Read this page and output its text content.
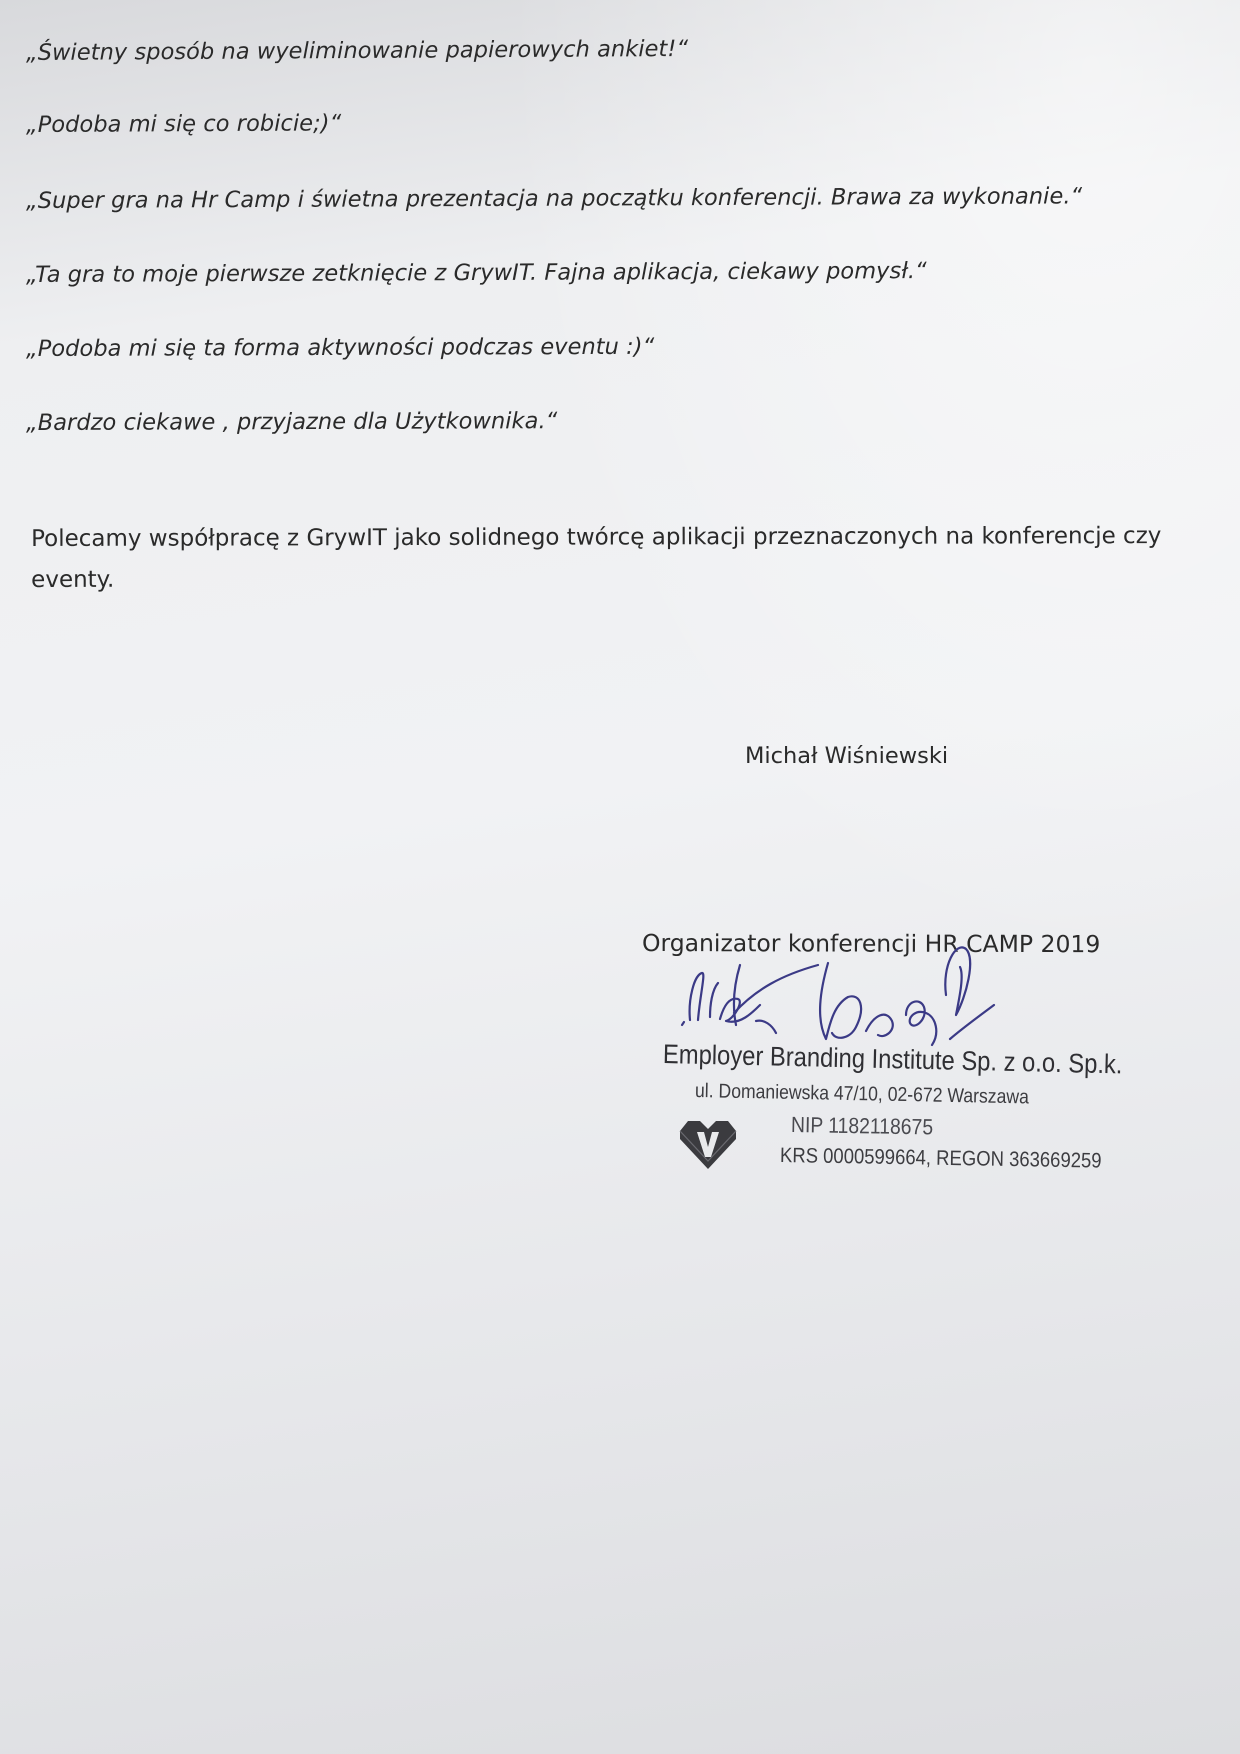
„Świetny sposób na wyeliminowanie papierowych ankiet!“
„Podoba mi się co robicie;)“
„Super gra na Hr Camp i świetna prezentacja na początku konferencji. Brawa za wykonanie.“
„Ta gra to moje pierwsze zetknięcie z GrywIT. Fajna aplikacja, ciekawy pomysł.“
„Podoba mi się ta forma aktywności podczas eventu :)“
„Bardzo ciekawe , przyjazne dla Użytkownika.“
Polecamy współpracę z GrywIT jako solidnego twórcę aplikacji przeznaczonych na konferencje czy eventy.
Michał Wiśniewski
Organizator konferencji HR CAMP 2019
Employer Branding Institute Sp. z o.o. Sp.k.
ul. Domaniewska 47/10, 02-672 Warszawa
NIP 1182118675
KRS 0000599664, REGON 363669259
